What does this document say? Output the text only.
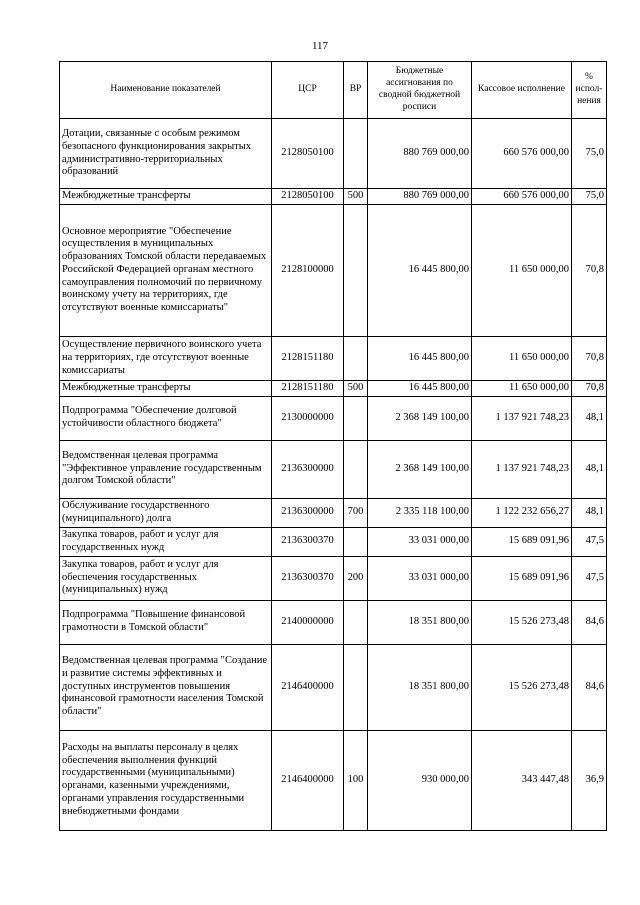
117
Наименование показателей	ЦСР	ВР	Бюджетные ассигнования по сводной бюджетной росписи	Кассовое исполнение	% испол-нения
Дотации, связанные с особым режимом безопасного функционирования закрытых административно-территориальных образований	2128050100		880 769 000,00	660 576 000,00	75,0
Межбюджетные трансферты	2128050100	500	880 769 000,00	660 576 000,00	75,0
Основное мероприятие "Обеспечение осуществления в муниципальных образованиях Томской области передаваемых Российской Федерацией органам местного самоуправления полномочий по первичному воинскому учету на территориях, где отсутствуют военные комиссариаты"	2128100000		16 445 800,00	11 650 000,00	70,8
Осуществление первичного воинского учета на территориях, где отсутствуют военные комиссариаты	2128151180		16 445 800,00	11 650 000,00	70,8
Межбюджетные трансферты	2128151180	500	16 445 800,00	11 650 000,00	70,8
Подпрограмма "Обеспечение долговой устойчивости областного бюджета"	2130000000		2 368 149 100,00	1 137 921 748,23	48,1
Ведомственная целевая программа "Эффективное управление государственным долгом Томской области"	2136300000		2 368 149 100,00	1 137 921 748,23	48,1
Обслуживание государственного (муниципального) долга	2136300000	700	2 335 118 100,00	1 122 232 656,27	48,1
Закупка товаров, работ и услуг для государственных нужд	2136300370		33 031 000,00	15 689 091,96	47,5
Закупка товаров, работ и услуг для обеспечения государственных (муниципальных) нужд	2136300370	200	33 031 000,00	15 689 091,96	47,5
Подпрограмма "Повышение финансовой грамотности в Томской области"	2140000000		18 351 800,00	15 526 273,48	84,6
Ведомственная целевая программа "Создание и развитие системы эффективных и доступных инструментов повышения финансовой грамотности населения Томской области"	2146400000		18 351 800,00	15 526 273,48	84,6
Расходы на выплаты персоналу в целях обеспечения выполнения функций государственными (муниципальными) органами, казенными учреждениями, органами управления государственными внебюджетными фондами	2146400000	100	930 000,00	343 447,48	36,9
